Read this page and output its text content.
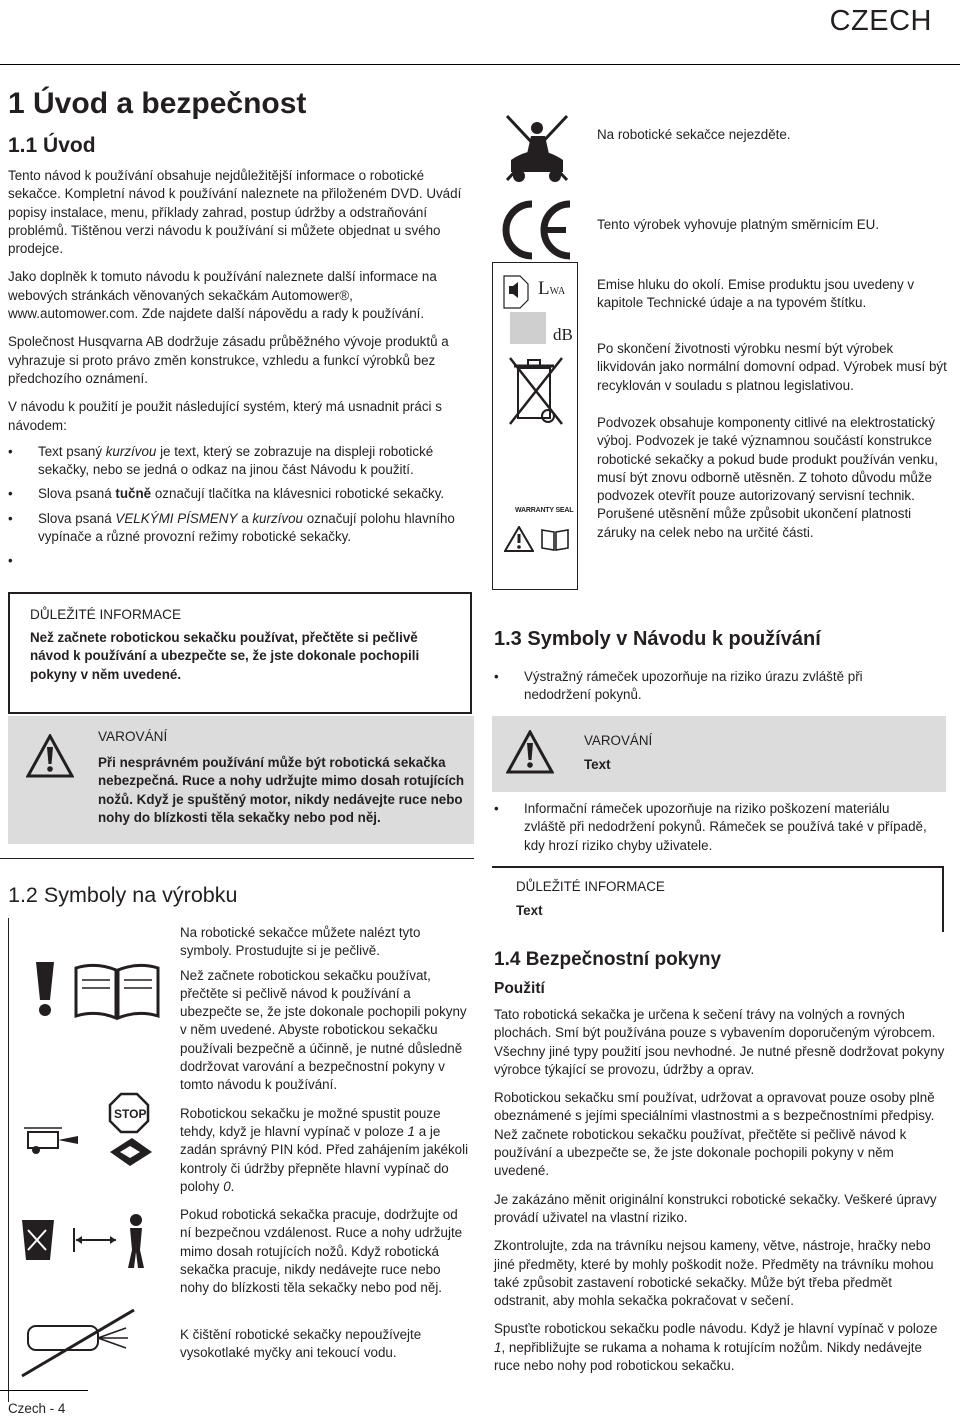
CZECH
1 Úvod a bezpečnost
1.1 Úvod

Tento návod k používání obsahuje nejdůležitější informace o robotické sekačce. Kompletní návod k používání naleznete na přiloženém DVD. Uvádí popisy instalace, menu, příklady zahrad, postup údržby a odstraňování problémů. Tištěnou verzi návodu k používání si můžete objednat u svého prodejce.

Jako doplněk k tomuto návodu k používání naleznete další informace na webových stránkách věnovaných sekačkám Automower®, www.automower.com. Zde najdete další nápovědu a rady k používání.

Společnost Husqvarna AB dodržuje zásadu průběžného vývoje produktů a vyhrazuje si proto právo změn konstrukce, vzhledu a funkcí výrobků bez předchozího oznámení.

V návodu k použití je použit následující systém, který má usnadnit práci s návodem:

• Text psaný kurzívou je text, který se zobrazuje na displeji robotické sekačky, nebo se jedná o odkaz na jinou část Návodu k použití.
• Slova psaná tučně označují tlačítka na klávesnici robotické sekačky.
• Slova psaná VELKÝMI PÍSMENY a kurzívou označují polohu hlavního vypínače a různé provozní režimy robotické sekačky.
•
Na robotické sekačce nejezděte.
Tento výrobek vyhovuje platným směrnicím EU.
LWA
dB
Emise hluku do okolí. Emise produktu jsou uvedeny v kapitole Technické údaje a na typovém štítku.
Po skončení životnosti výrobku nesmí být výrobek likvidován jako normální domovní odpad. Výrobek musí být recyklován v souladu s platnou legislativou.
WARRANTY SEAL
Podvozek obsahuje komponenty citlivé na elektrostatický výboj. Podvozek je také významnou součástí konstrukce robotické sekačky a pokud bude produkt používán venku, musí být znovu odborně utěsněn. Z tohoto důvodu může podvozek otevřít pouze autorizovaný servisní technik. Porušené utěsnění může způsobit ukončení platnosti záruky na celek nebo na určité části.
DŮLEŽITÉ INFORMACE
Než začnete robotickou sekačku používat, přečtěte si pečlivě návod k používání a ubezpečte se, že jste dokonale pochopili pokyny v něm uvedené.
VAROVÁNÍ
Při nesprávném používání může být robotická sekačka nebezpečná. Ruce a nohy udržujte mimo dosah rotujících nožů. Když je spuštěný motor, nikdy nedávejte ruce nebo nohy do blízkosti těla sekačky nebo pod něj.
1.2 Symboly na výrobku
STOP

Na robotické sekačce můžete nalézt tyto symboly. Prostudujte si je pečlivě.

Než začnete robotickou sekačku používat, přečtěte si pečlivě návod k používání a ubezpečte se, že jste dokonale pochopili pokyny v něm uvedené. Abyste robotickou sekačku používali bezpečně a účinně, je nutné důsledně dodržovat varování a bezpečnostní pokyny v tomto návodu k používání.

Robotickou sekačku je možné spustit pouze tehdy, když je hlavní vypínač v poloze 1 a je zadán správný PIN kód. Před zahájením jakékoli kontroly či údržby přepněte hlavní vypínač do polohy 0.

Pokud robotická sekačka pracuje, dodržujte od ní bezpečnou vzdálenost. Ruce a nohy udržujte mimo dosah rotujících nožů. Když robotická sekačka pracuje, nikdy nedávejte ruce nebo nohy do blízkosti těla sekačky nebo pod něj.

K čištění robotické sekačky nepoužívejte vysokotlaké myčky ani tekoucí vodu.

1.3 Symboly v Návodu k používání
• Výstražný rámeček upozorňuje na riziko úrazu zvláště při nedodržení pokynů.
VAROVÁNÍ
Text
• Informační rámeček upozorňuje na riziko poškození materiálu zvláště při nedodržení pokynů. Rámeček se používá také v případě, kdy hrozí riziko chyby uživatele.
DŮLEŽITÉ INFORMACE
Text
1.4 Bezpečnostní pokyny
Použití

Tato robotická sekačka je určena k sečení trávy na volných a rovných plochách. Smí být používána pouze s vybavením doporučeným výrobcem. Všechny jiné typy použití jsou nevhodné. Je nutné přesně dodržovat pokyny výrobce týkající se provozu, údržby a oprav.

Robotickou sekačku smí používat, udržovat a opravovat pouze osoby plně obeznámené s jejími speciálními vlastnostmi a s bezpečnostními předpisy. Než začnete robotickou sekačku používat, přečtěte si pečlivě návod k používání a ubezpečte se, že jste dokonale pochopili pokyny v něm uvedené.

Je zakázáno měnit originální konstrukci robotické sekačky. Veškeré úpravy provádí uživatel na vlastní riziko.

Zkontrolujte, zda na trávníku nejsou kameny, větve, nástroje, hračky nebo jiné předměty, které by mohly poškodit nože. Předměty na trávníku mohou také způsobit zastavení robotické sekačky. Může být třeba předmět odstranit, aby mohla sekačka pokračovat v sečení.

Spusťte robotickou sekačku podle návodu. Když je hlavní vypínač v poloze 1, nepřibližujte se rukama a nohama k rotujícím nožům. Nikdy nedávejte ruce nebo nohy pod robotickou sekačku.

Czech - 4
